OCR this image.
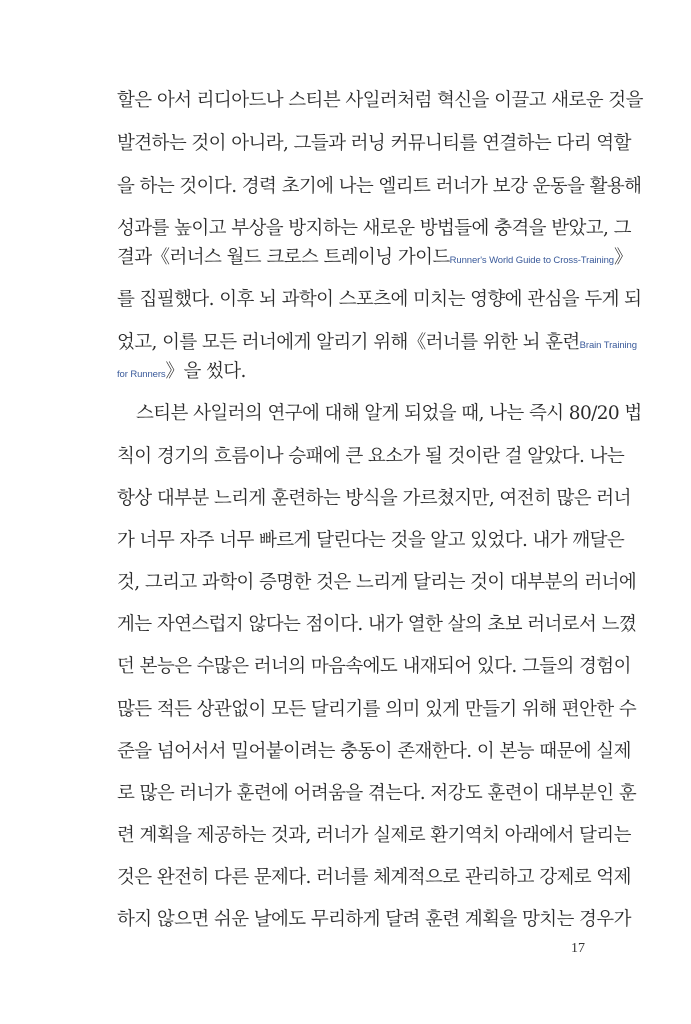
할은 아서 리디아드나 스티븐 사일러처럼 혁신을 이끌고 새로운 것을
발견하는 것이 아니라, 그들과 러닝 커뮤니티를 연결하는 다리 역할
을 하는 것이다. 경력 초기에 나는 엘리트 러너가 보강 운동을 활용해
성과를 높이고 부상을 방지하는 새로운 방법들에 충격을 받았고, 그
결과《러너스 월드 크로스 트레이닝 가이드Runner's World Guide to Cross-Training》
를 집필했다. 이후 뇌 과학이 스포츠에 미치는 영향에 관심을 두게 되
었고, 이를 모든 러너에게 알리기 위해《러너를 위한 뇌 훈련Brain Training
for Runners》을 썼다.
스티븐 사일러의 연구에 대해 알게 되었을 때, 나는 즉시 80/20 법
칙이 경기의 흐름이나 승패에 큰 요소가 될 것이란 걸 알았다. 나는
항상 대부분 느리게 훈련하는 방식을 가르쳤지만, 여전히 많은 러너
가 너무 자주 너무 빠르게 달린다는 것을 알고 있었다. 내가 깨달은
것, 그리고 과학이 증명한 것은 느리게 달리는 것이 대부분의 러너에
게는 자연스럽지 않다는 점이다. 내가 열한 살의 초보 러너로서 느꼈
던 본능은 수많은 러너의 마음속에도 내재되어 있다. 그들의 경험이
많든 적든 상관없이 모든 달리기를 의미 있게 만들기 위해 편안한 수
준을 넘어서서 밀어붙이려는 충동이 존재한다. 이 본능 때문에 실제
로 많은 러너가 훈련에 어려움을 겪는다. 저강도 훈련이 대부분인 훈
련 계획을 제공하는 것과, 러너가 실제로 환기역치 아래에서 달리는
것은 완전히 다른 문제다. 러너를 체계적으로 관리하고 강제로 억제
하지 않으면 쉬운 날에도 무리하게 달려 훈련 계획을 망치는 경우가
17
